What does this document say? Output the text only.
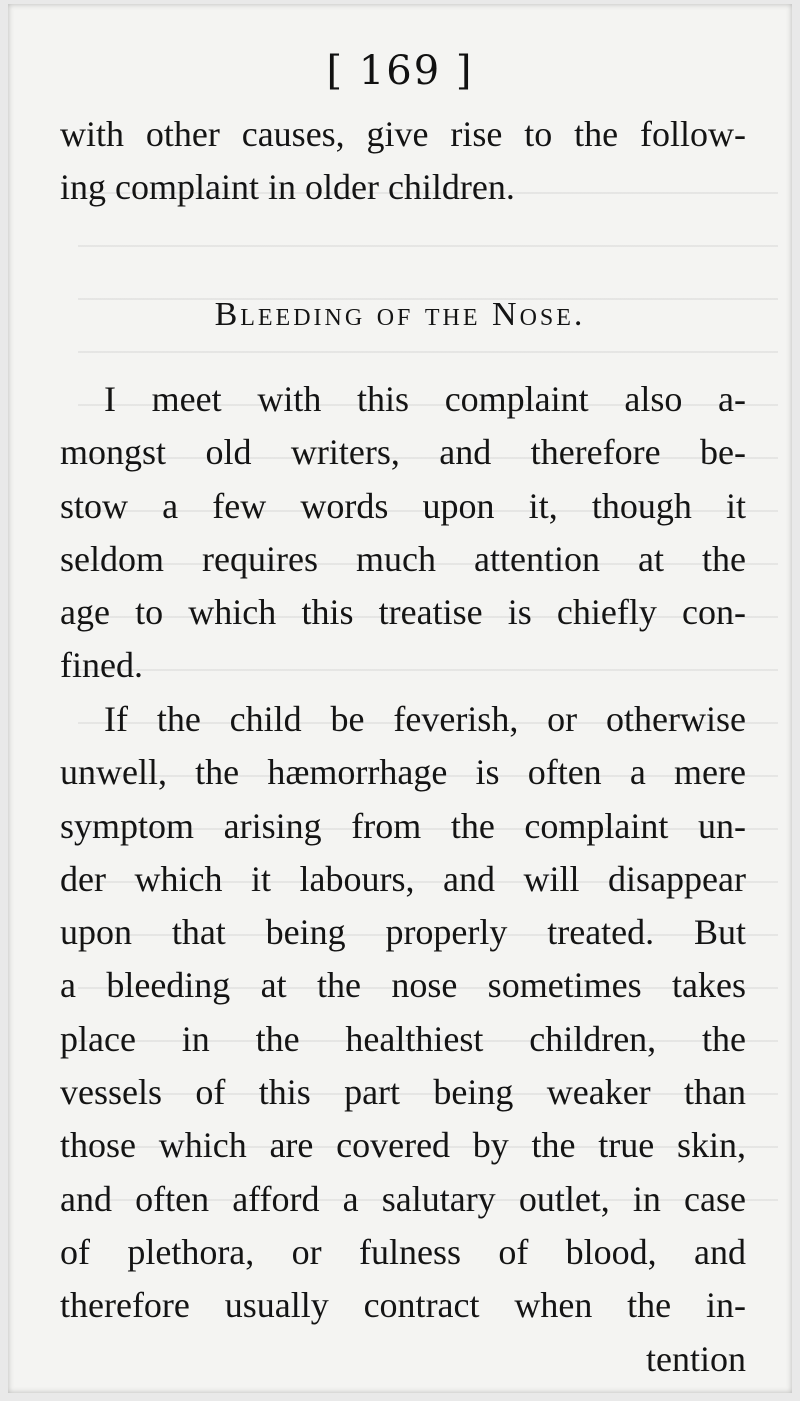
[ 169 ]
with other causes, give rise to the follow-
ing complaint in older children.
Bleeding of the Nose.
I meet with this complaint also a-
mongst old writers, and therefore be-
stow a few words upon it, though it
seldom requires much attention at the
age to which this treatise is chiefly con-
fined.
If the child be feverish, or otherwise
unwell, the hæmorrhage is often a mere
symptom arising from the complaint un-
der which it labours, and will disappear
upon that being properly treated. But
a bleeding at the nose sometimes takes
place in the healthiest children, the
vessels of this part being weaker than
those which are covered by the true skin,
and often afford a salutary outlet, in case
of plethora, or fulness of blood, and
therefore usually contract when the in-
tention
